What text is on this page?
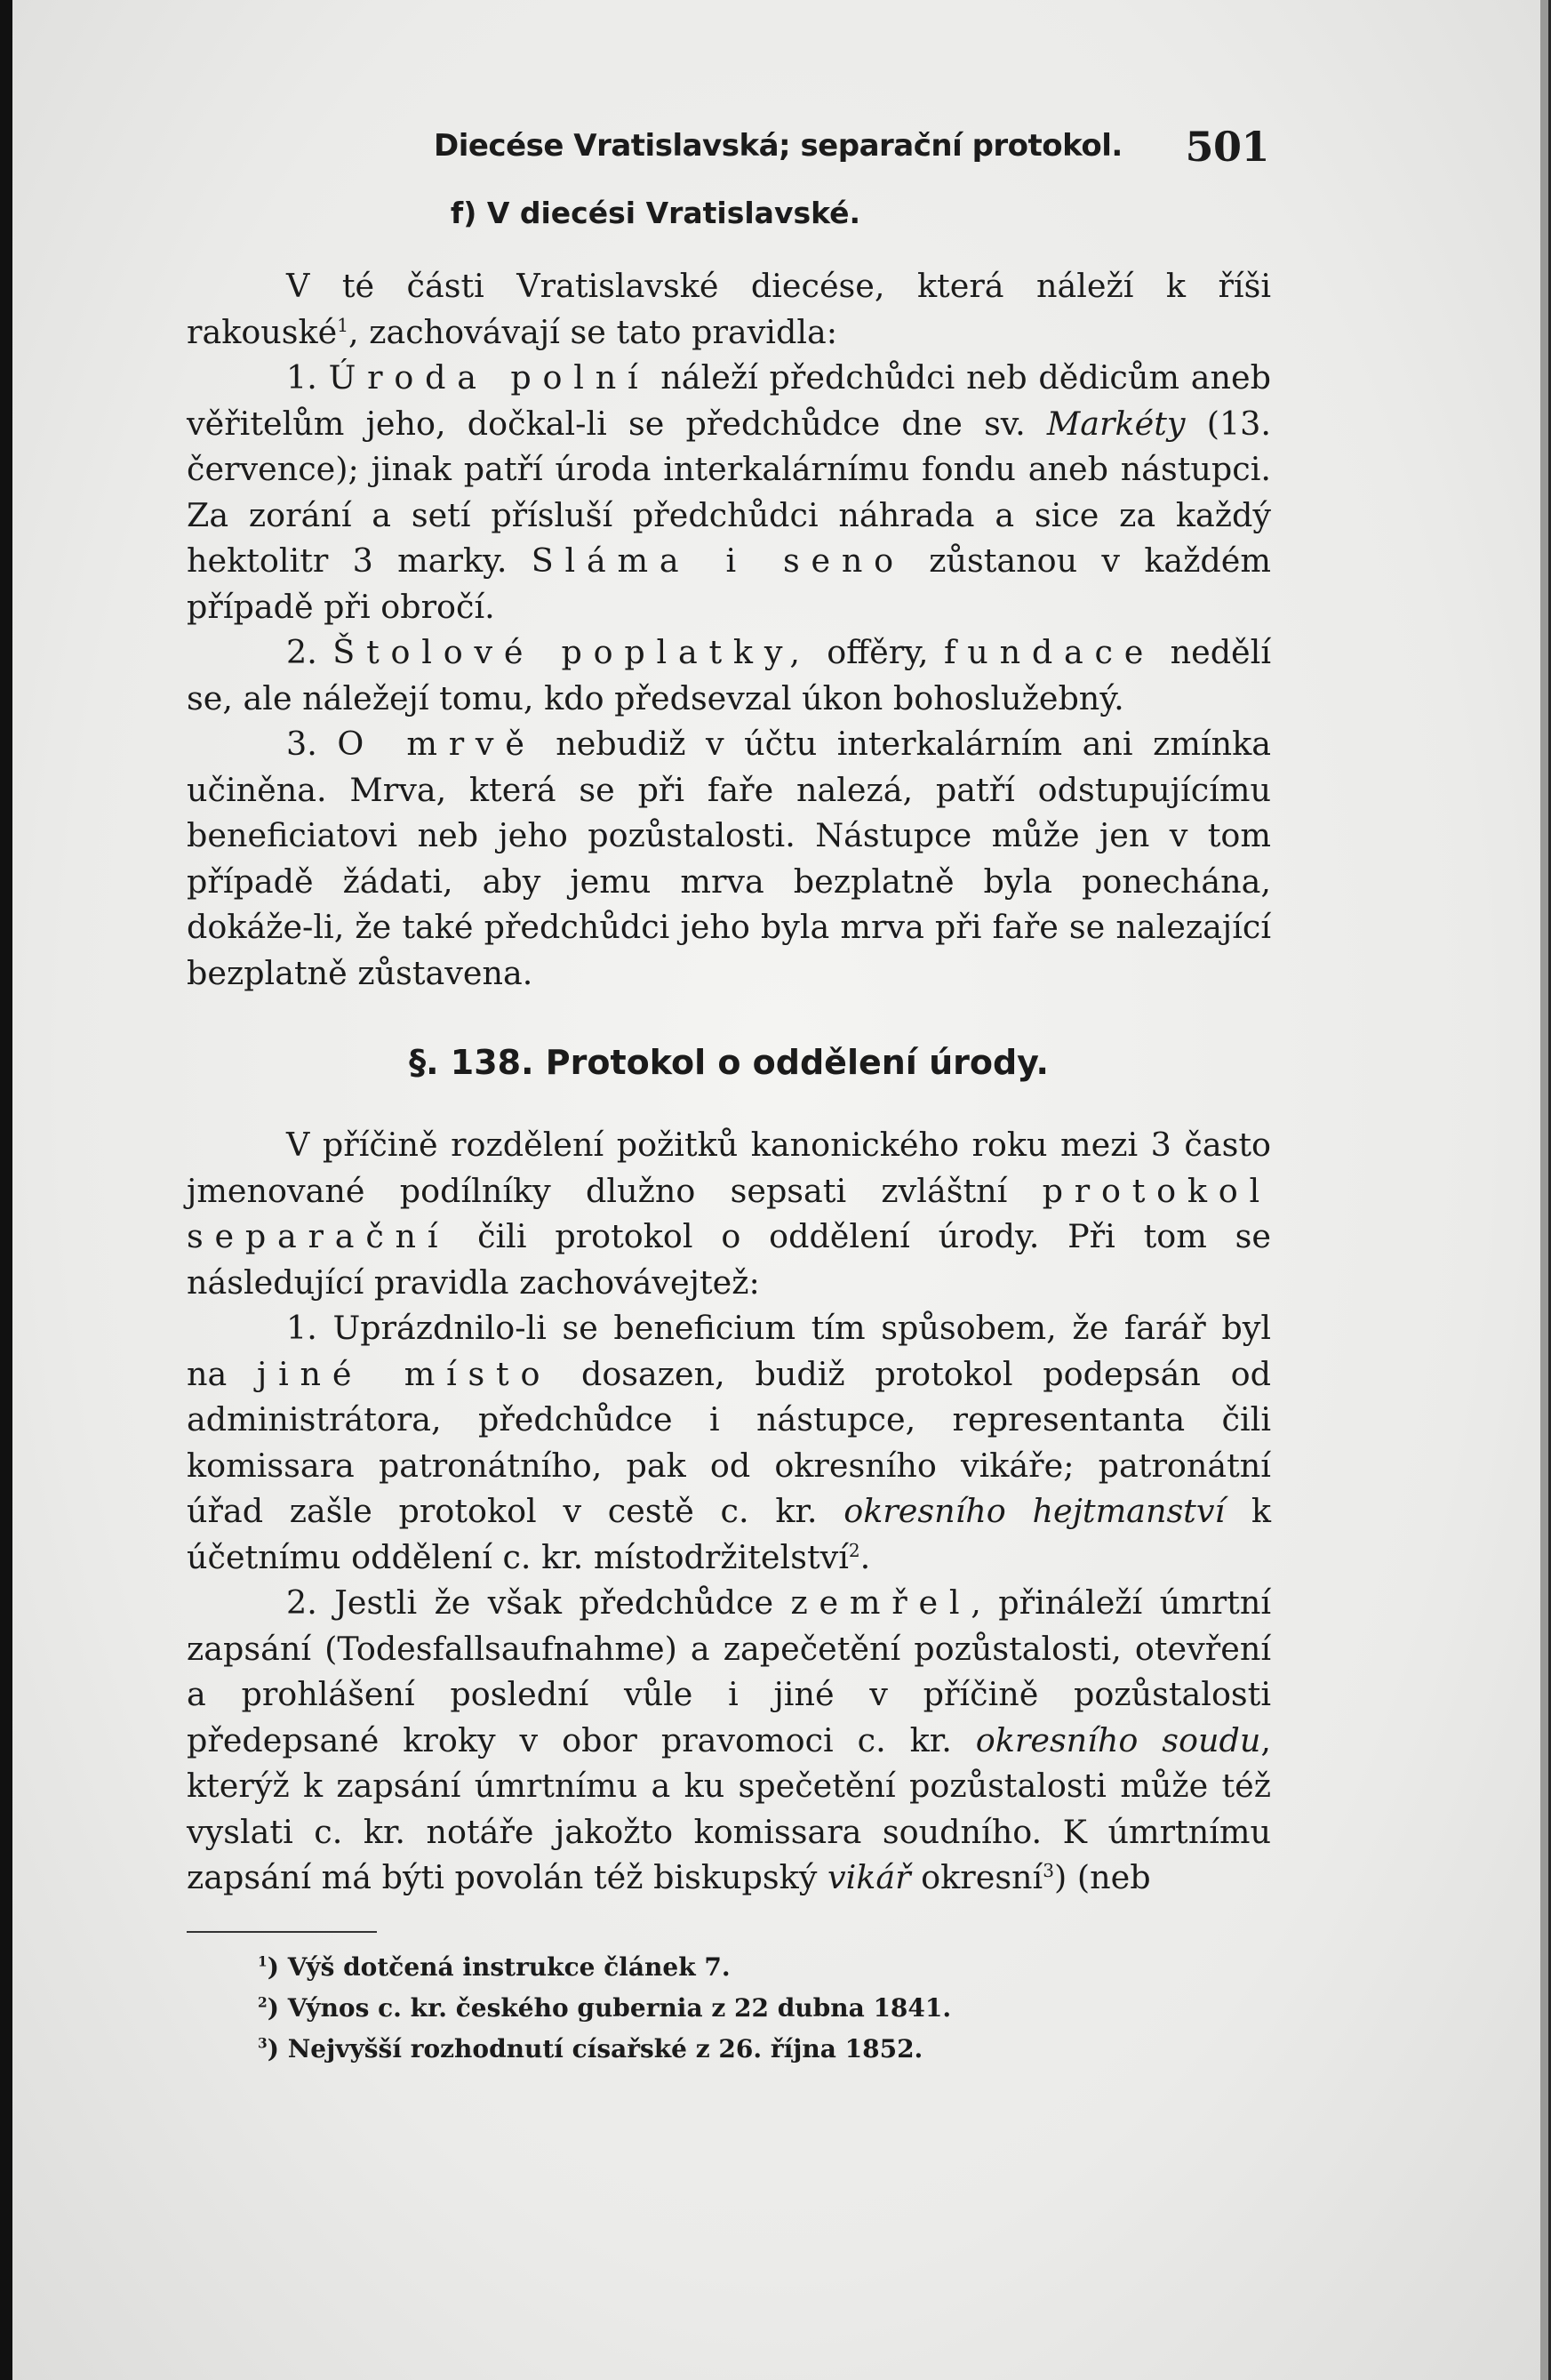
Diecése Vratislavská; separační protokol. 501
f) V diecési Vratislavské.

V té části Vratislavské diecése, která náleží k říši rakouské$^1$, zachovávají se tato pravidla:

1. Úroda polní náleží předchůdci neb dědicům aneb věřitelům jeho, dočkal-li se předchůdce dne sv. Markéty (13. července); jinak patří úroda interkalárnímu fondu aneb nástupci. Za zorání a setí přísluší předchůdci náhrada a sice za každý hektolitr 3 marky. Sláma i seno zůstanou v každém případě při obročí.

2. Štolové poplatky, offěry, fundace nedělí se, ale náležejí tomu, kdo předsevzal úkon bohoslužebný.

3. O mrvě nebudiž v účtu interkalárním ani zmínka učiněna. Mrva, která se při faře nalezá, patří odstupujícímu beneficiatovi neb jeho pozůstalosti. Nástupce může jen v tom případě žádati, aby jemu mrva bezplatně byla ponechána, dokáže-li, že také předchůdci jeho byla mrva při faře se nalezající bezplatně zůstavena.

§. 138. Protokol o oddělení úrody.

V příčině rozdělení požitků kanonického roku mezi 3 často jmenované podílníky dlužno sepsati zvláštní protokol separační čili protokol o oddělení úrody. Při tom se následující pravidla zachovávejtež:

1. Uprázdnilo-li se beneficium tím spůsobem, že farář byl na jiné místo dosazen, budiž protokol podepsán od administrátora, předchůdce i nástupce, representanta čili komissara patronátního, pak od okresního vikáře; patronátní úřad zašle protokol v cestě c. kr. okresního hejtmanství k účetnímu oddělení c. kr. místodržitelství$^2$.

2. Jestli že však předchůdce zemřel, přináleží úmrtní zapsání (Todesfallsaufnahme) a zapečetění pozůstalosti, otevření a prohlášení poslední vůle i jiné v příčině pozůstalosti předepsané kroky v obor pravomoci c. kr. okresního soudu, kterýž k zapsání úmrtnímu a ku spečetění pozůstalosti může též vyslati c. kr. notáře jakožto komissara soudního. K úmrtnímu zapsání má býti povolán též biskupský vikář okresní$^3$) (neb

$^1$) Výš dotčená instrukce článek 7.
$^2$) Výnos c. kr. českého gubernia z 22 dubna 1841.
$^3$) Nejvyšší rozhodnutí císařské z 26. října 1852.
